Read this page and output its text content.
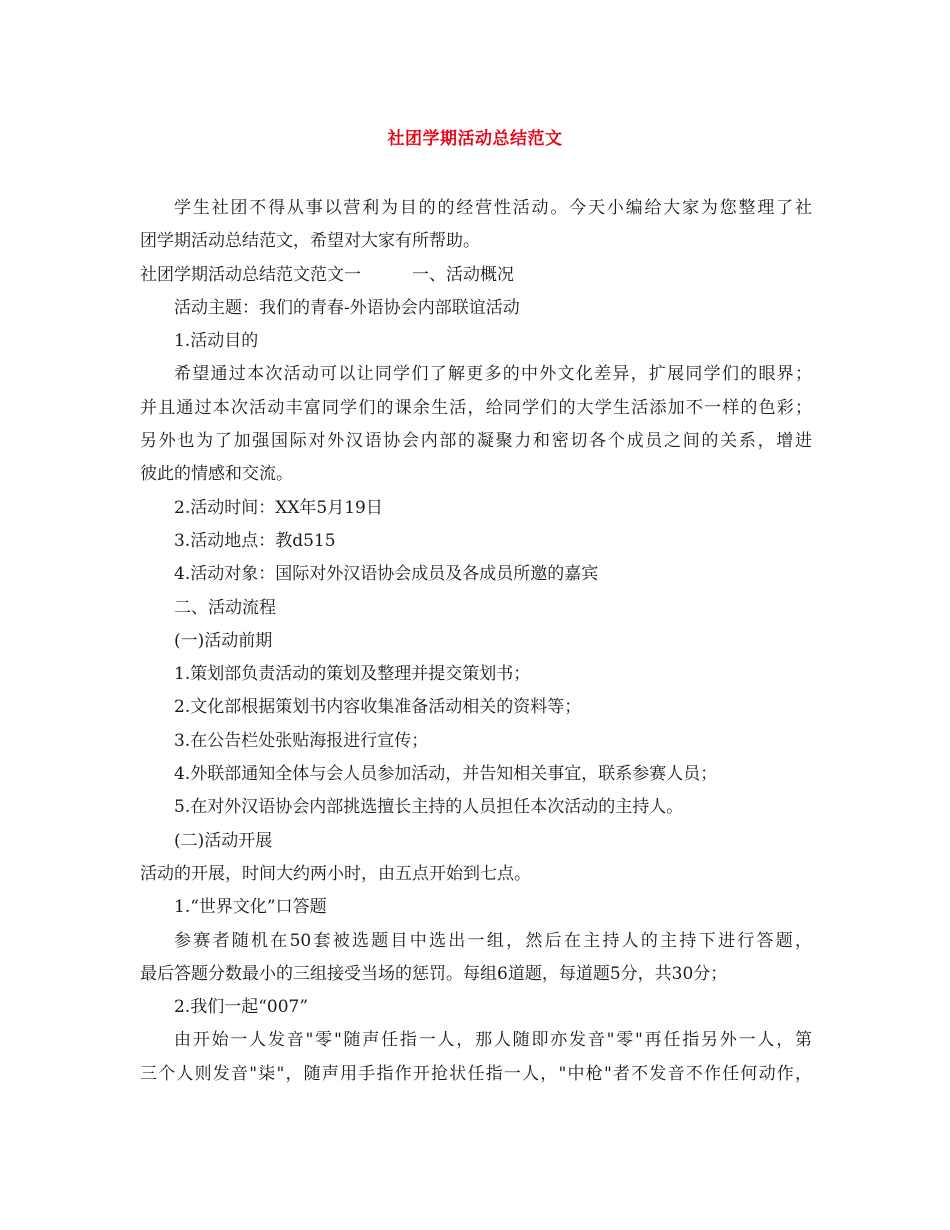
社团学期活动总结范文
学生社团不得从事以营利为目的的经营性活动。今天小编给大家为您整理了社
团学期活动总结范文，希望对大家有所帮助。
社团学期活动总结范文范文一　　　一、活动概况
活动主题：我们的青春-外语协会内部联谊活动
1.活动目的
希望通过本次活动可以让同学们了解更多的中外文化差异，扩展同学们的眼界；
并且通过本次活动丰富同学们的课余生活，给同学们的大学生活添加不一样的色彩；
另外也为了加强国际对外汉语协会内部的凝聚力和密切各个成员之间的关系，增进
彼此的情感和交流。
2.活动时间：XX年5月19日
3.活动地点：教d515
4.活动对象：国际对外汉语协会成员及各成员所邀的嘉宾
二、活动流程
(一)活动前期
1.策划部负责活动的策划及整理并提交策划书；
2.文化部根据策划书内容收集准备活动相关的资料等；
3.在公告栏处张贴海报进行宣传；
4.外联部通知全体与会人员参加活动，并告知相关事宜，联系参赛人员；
5.在对外汉语协会内部挑选擅长主持的人员担任本次活动的主持人。
(二)活动开展
活动的开展，时间大约两小时，由五点开始到七点。
1.“世界文化”口答题
参赛者随机在50套被选题目中选出一组，然后在主持人的主持下进行答题，
最后答题分数最小的三组接受当场的惩罚。每组6道题，每道题5分，共30分；
2.我们一起“007”
由开始一人发音"零"随声任指一人，那人随即亦发音"零"再任指另外一人，第
三个人则发音"柒"，随声用手指作开抢状任指一人，"中枪"者不发音不作任何动作，
